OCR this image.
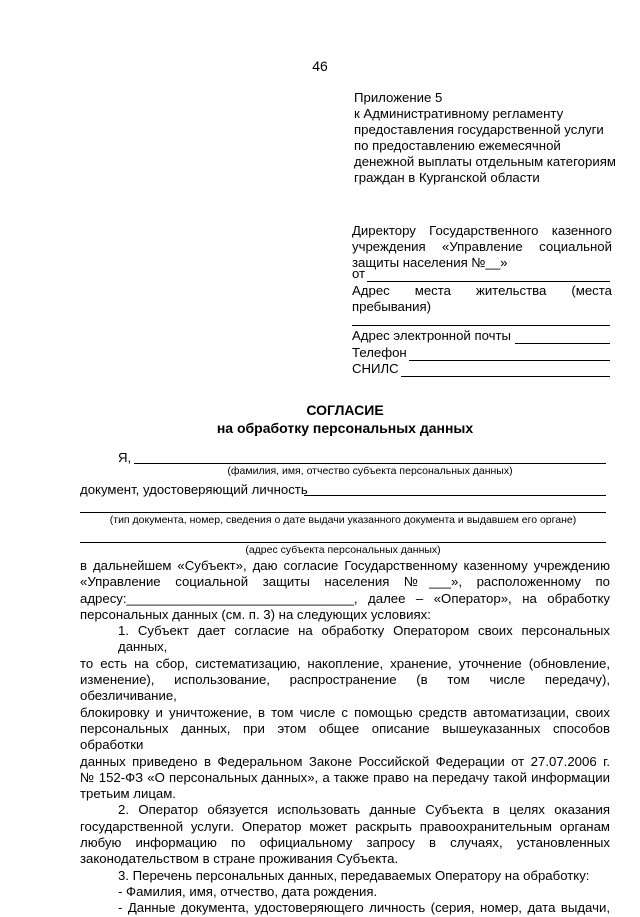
46
Приложение 5
к Административному регламенту
предоставления государственной услуги
по предоставлению ежемесячной
денежной выплаты отдельным категориям
граждан в Курганской области
Директору Государственного казенного
учреждения «Управление социальной
защиты населения №__»
от
Адрес места жительства (места
пребывания)
Адрес электронной почты
Телефон
СНИЛС
СОГЛАСИЕ
на обработку персональных данных
Я,
(фамилия, имя, отчество субъекта персональных данных)
документ, удостоверяющий личность
(тип документа, номер, сведения о дате выдачи указанного документа и выдавшем его органе)
(адрес субъекта персональных данных)
в дальнейшем «Субъект», даю согласие Государственному казенному учреждению
«Управление социальной защиты населения №___», расположенному по
адресу:_______________________________, далее – «Оператор», на обработку
персональных данных (см. п. 3) на следующих условиях:
1. Субъект дает согласие на обработку Оператором своих персональных данных,
то есть на сбор, систематизацию, накопление, хранение, уточнение (обновление,
изменение), использование, распространение (в том числе передачу), обезличивание,
блокировку и уничтожение, в том числе с помощью средств автоматизации, своих
персональных данных, при этом общее описание вышеуказанных способов обработки
данных приведено в Федеральном Законе Российской Федерации от 27.07.2006 г.
№ 152-ФЗ «О персональных данных», а также право на передачу такой информации
третьим лицам.
2. Оператор обязуется использовать данные Субъекта в целях оказания
государственной услуги. Оператор может раскрыть правоохранительным органам
любую информацию по официальному запросу в случаях, установленных
законодательством в стране проживания Субъекта.
3. Перечень персональных данных, передаваемых Оператору на обработку:
- Фамилия, имя, отчество, дата рождения.
- Данные документа, удостоверяющего личность (серия, номер, дата выдачи,
